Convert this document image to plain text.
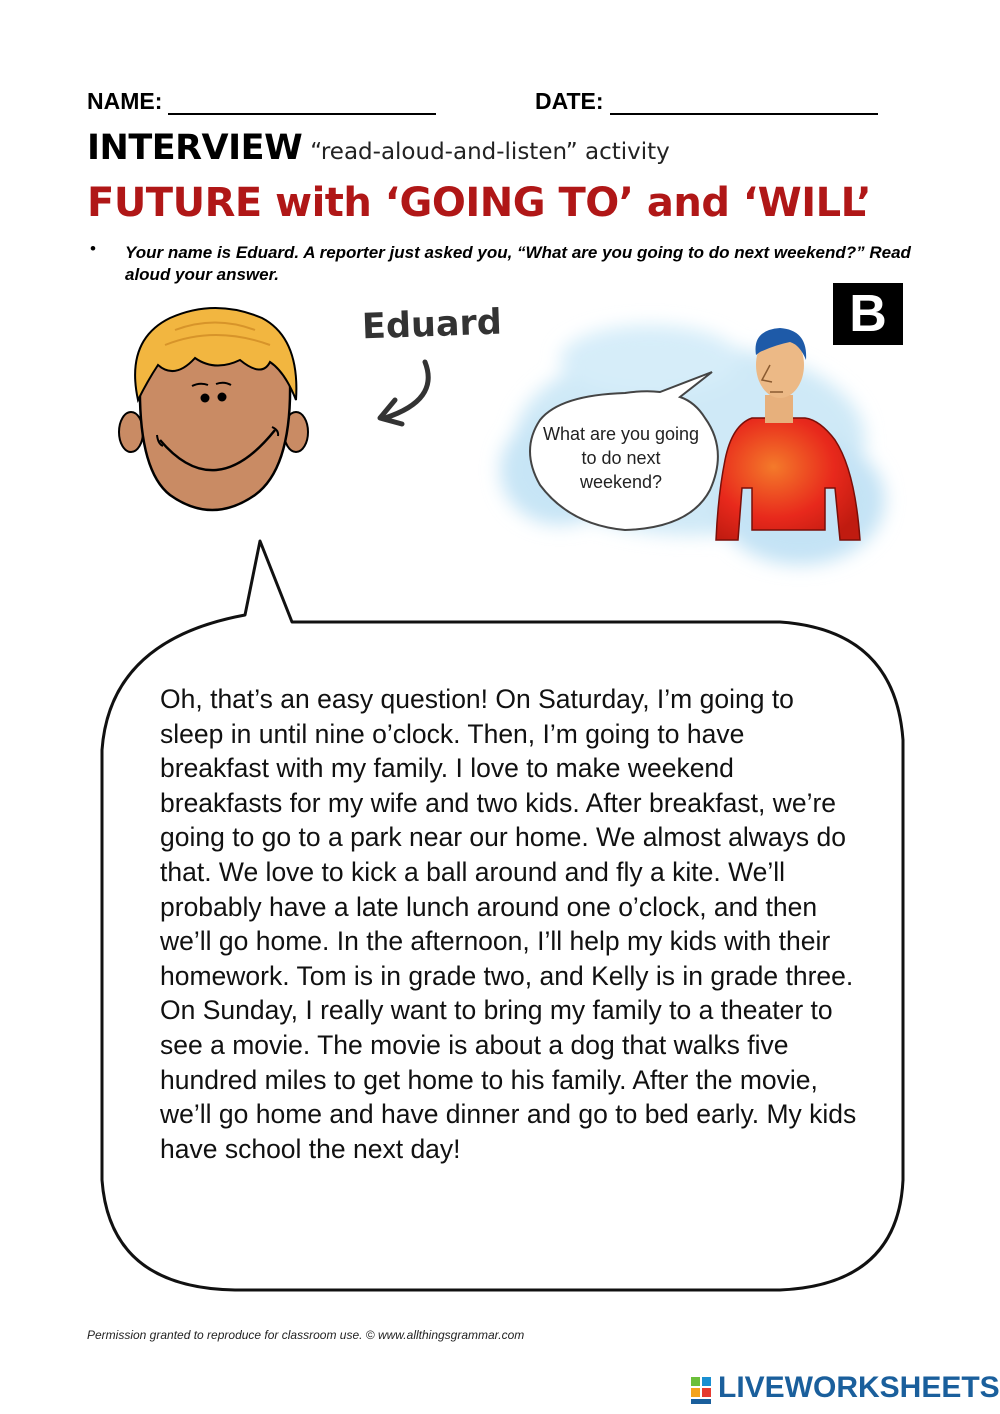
NAME:	DATE:
INTERVIEW “read-aloud-and-listen” activity
FUTURE with ‘GOING TO’ and ‘WILL’
• Your name is Eduard. A reporter just asked you, “What are you going to do next weekend?” Read aloud your answer.
B
Eduard
What are you going to do next weekend?
Oh, that’s an easy question! On Saturday, I’m going to sleep in until nine o’clock. Then, I’m going to have breakfast with my family. I love to make weekend breakfasts for my wife and two kids. After breakfast, we’re going to go to a park near our home. We almost always do that. We love to kick a ball around and fly a kite. We’ll probably have a late lunch around one o’clock, and then we’ll go home. In the afternoon, I’ll help my kids with their homework. Tom is in grade two, and Kelly is in grade three. On Sunday, I really want to bring my family to a theater to see a movie. The movie is about a dog that walks five hundred miles to get home to his family. After the movie, we’ll go home and have dinner and go to bed early. My kids have school the next day!
Permission granted to reproduce for classroom use. © www.allthingsgrammar.com
LIVEWORKSHEETS
